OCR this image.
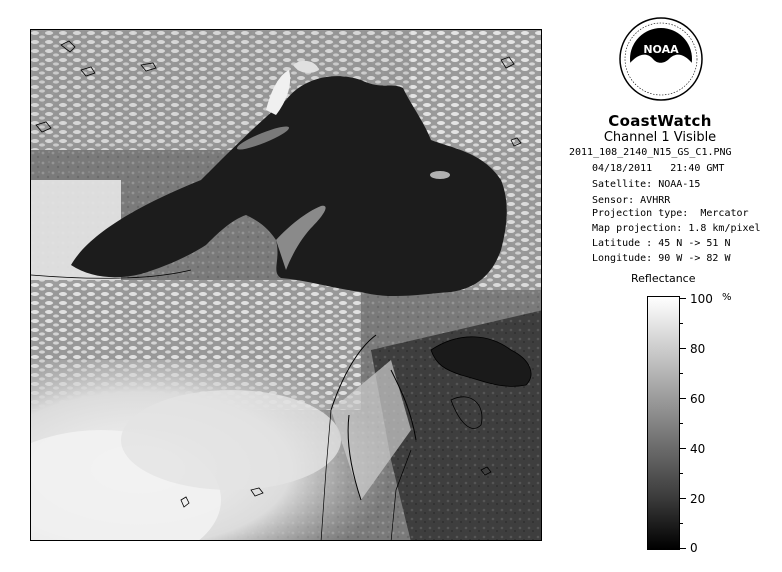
NOAA
CoastWatch
Channel 1 Visible
2011_108_2140_N15_GS_C1.PNG
04/18/2011   21:40 GMT
Satellite: NOAA-15
Sensor: AVHRR
Projection type:  Mercator
Map projection: 1.8 km/pixel
Latitude : 45 N -> 51 N
Longitude: 90 W -> 82 W
Reflectance
%
100
80
60
40
20
0
